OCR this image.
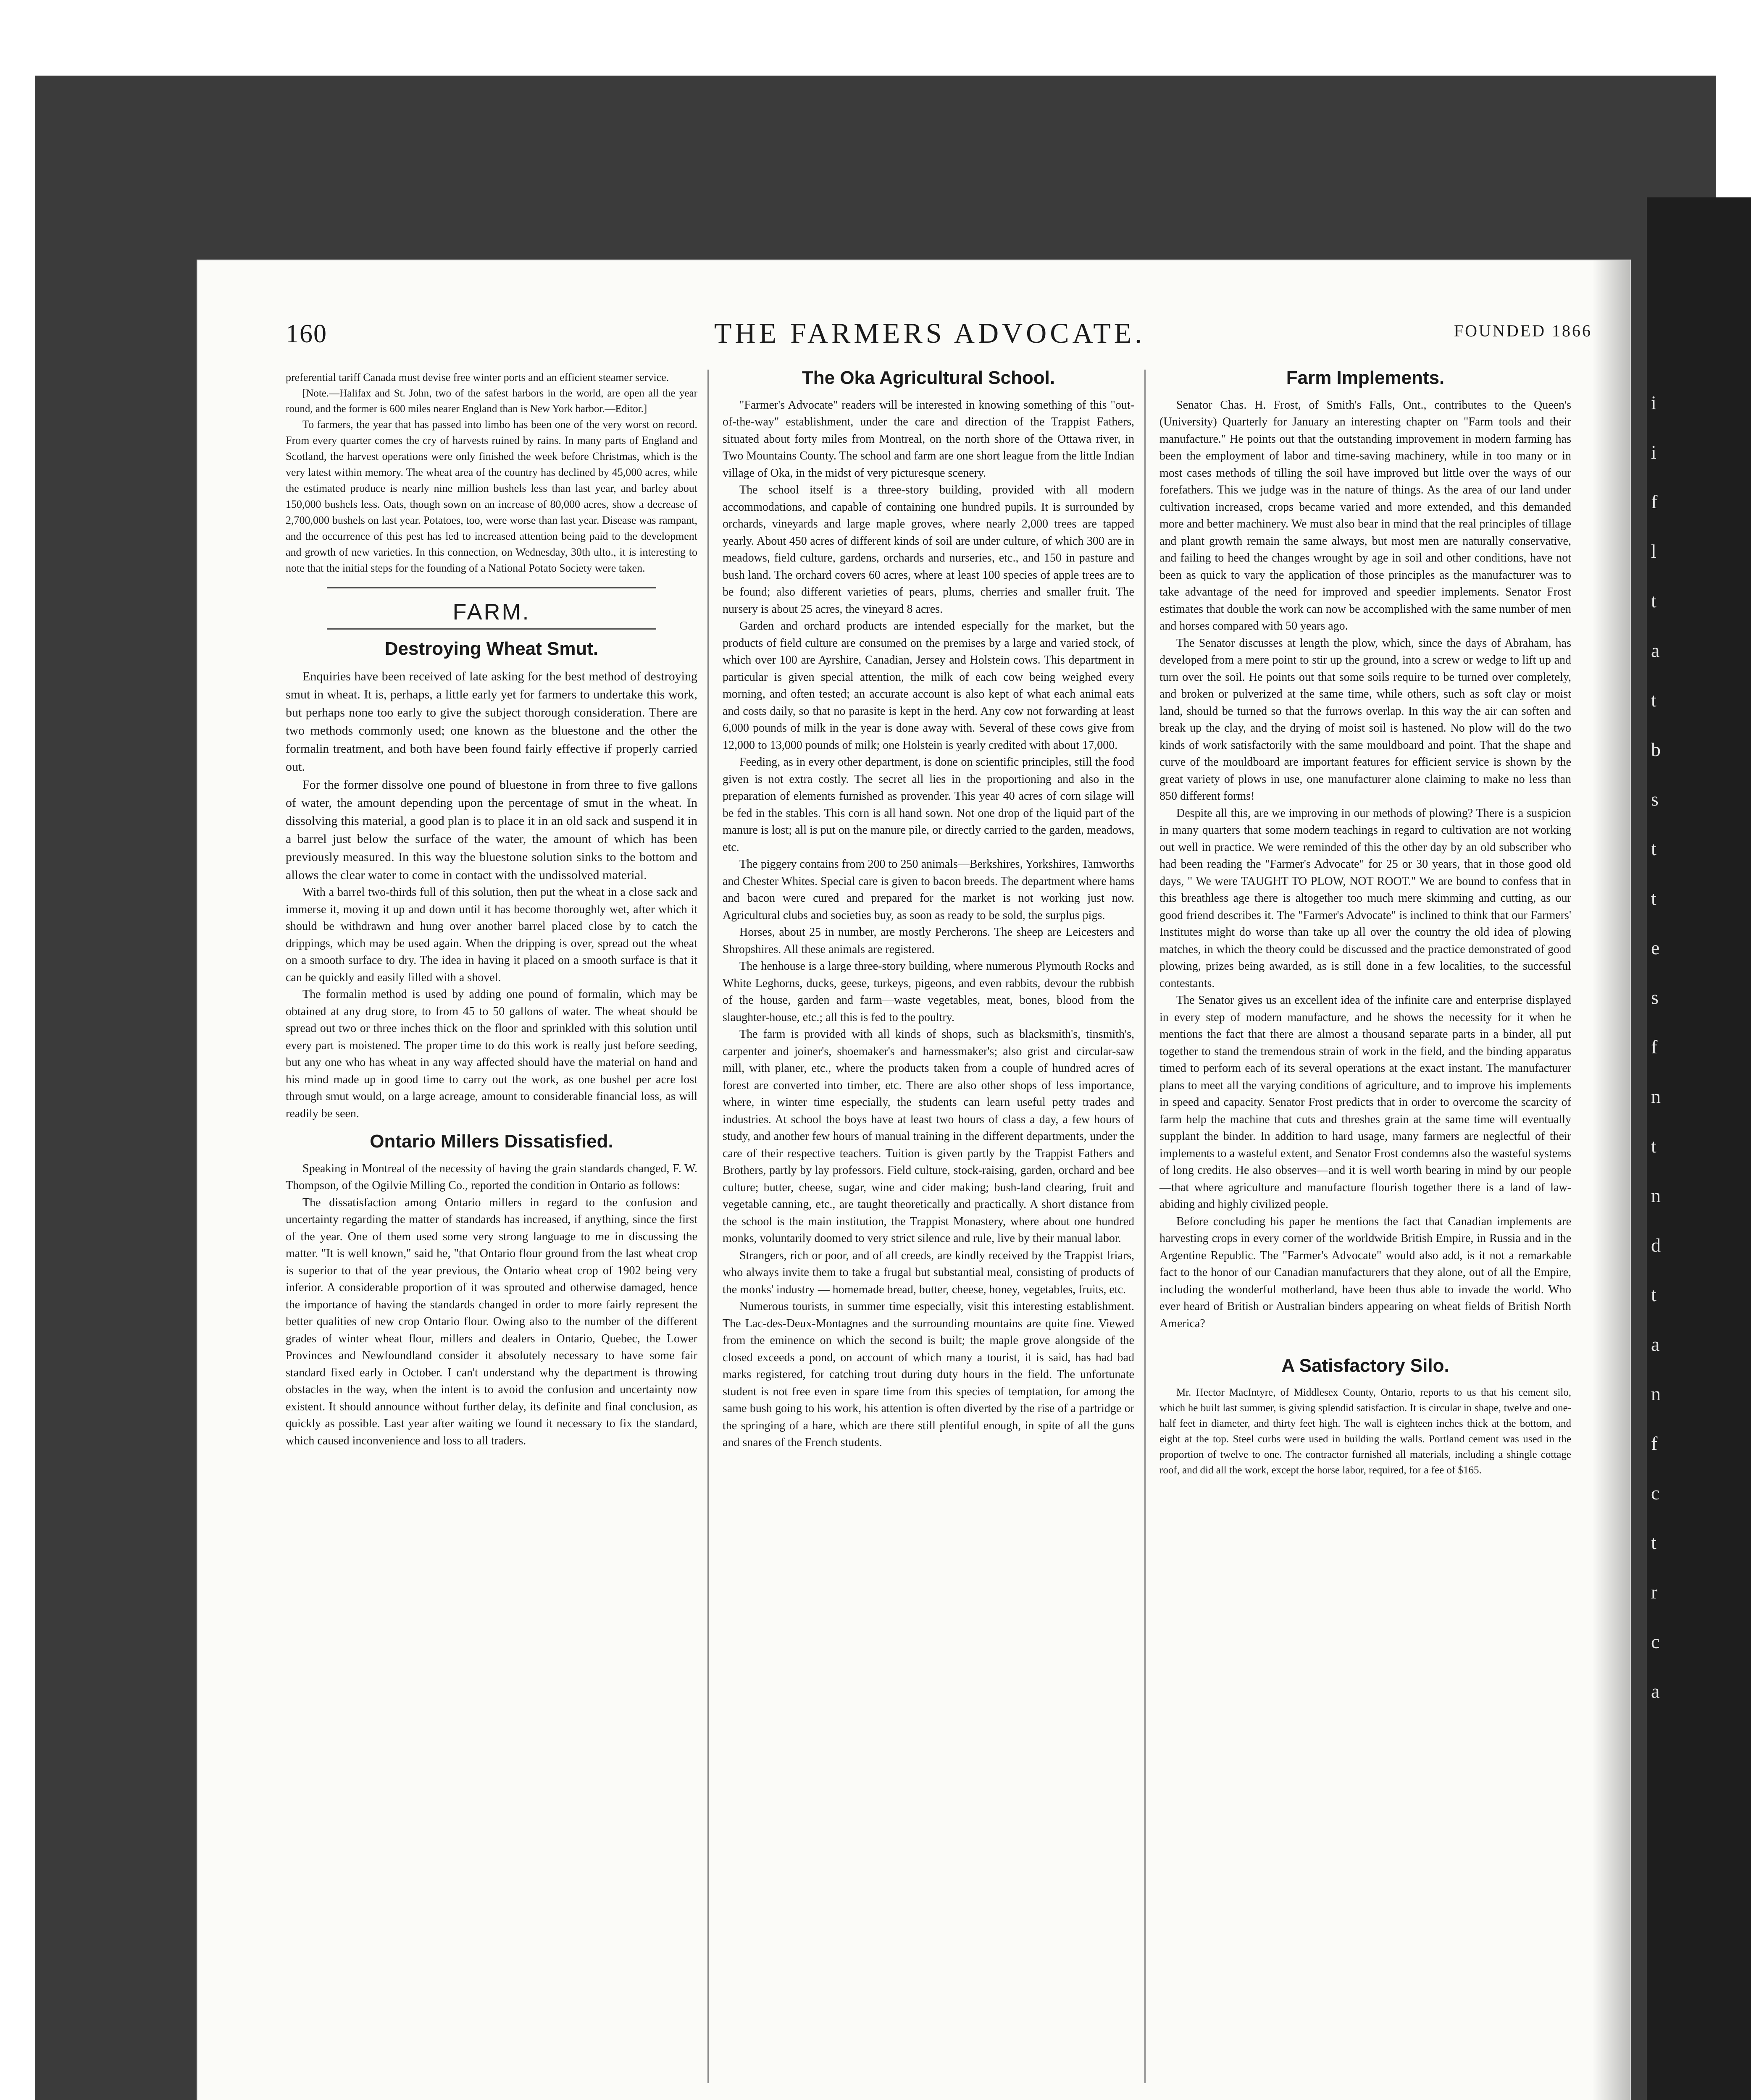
i
i
f
l
t
a
t
b
s
t
t
e
s
f
n
t
n
d
t
a
n
f
c
t
r
c
a
160	THE FARMERS ADVOCATE.	FOUNDED 1866

preferential tariff Canada must devise free winter ports and an efficient steamer service.

[Note.—Halifax and St. John, two of the safest harbors in the world, are open all the year round, and the former is 600 miles nearer England than is New York harbor.—Editor.]

To farmers, the year that has passed into limbo has been one of the very worst on record. From every quarter comes the cry of harvests ruined by rains. In many parts of England and Scotland, the harvest operations were only finished the week before Christmas, which is the very latest within memory. The wheat area of the country has declined by 45,000 acres, while the estimated produce is nearly nine million bushels less than last year, and barley about 150,000 bushels less. Oats, though sown on an increase of 80,000 acres, show a decrease of 2,700,000 bushels on last year. Potatoes, too, were worse than last year. Disease was rampant, and the occurrence of this pest has led to increased attention being paid to the development and growth of new varieties. In this connection, on Wednesday, 30th ulto., it is interesting to note that the initial steps for the founding of a National Potato Society were taken.

FARM.
Destroying Wheat Smut.

Enquiries have been received of late asking for the best method of destroying smut in wheat. It is, perhaps, a little early yet for farmers to undertake this work, but perhaps none too early to give the subject thorough consideration. There are two methods commonly used; one known as the bluestone and the other the formalin treatment, and both have been found fairly effective if properly carried out.

For the former dissolve one pound of bluestone in from three to five gallons of water, the amount depending upon the percentage of smut in the wheat. In dissolving this material, a good plan is to place it in an old sack and suspend it in a barrel just below the surface of the water, the amount of which has been previously measured. In this way the bluestone solution sinks to the bottom and allows the clear water to come in contact with the undissolved material.

With a barrel two-thirds full of this solution, then put the wheat in a close sack and immerse it, moving it up and down until it has become thoroughly wet, after which it should be withdrawn and hung over another barrel placed close by to catch the drippings, which may be used again. When the dripping is over, spread out the wheat on a smooth surface to dry. The idea in having it placed on a smooth surface is that it can be quickly and easily filled with a shovel.

The formalin method is used by adding one pound of formalin, which may be obtained at any drug store, to from 45 to 50 gallons of water. The wheat should be spread out two or three inches thick on the floor and sprinkled with this solution until every part is moistened. The proper time to do this work is really just before seeding, but any one who has wheat in any way affected should have the material on hand and his mind made up in good time to carry out the work, as one bushel per acre lost through smut would, on a large acreage, amount to considerable financial loss, as will readily be seen.

Ontario Millers Dissatisfied.

Speaking in Montreal of the necessity of having the grain standards changed, F. W. Thompson, of the Ogilvie Milling Co., reported the condition in Ontario as follows:

The dissatisfaction among Ontario millers in regard to the confusion and uncertainty regarding the matter of standards has increased, if anything, since the first of the year. One of them used some very strong language to me in discussing the matter. "It is well known," said he, "that Ontario flour ground from the last wheat crop is superior to that of the year previous, the Ontario wheat crop of 1902 being very inferior. A considerable proportion of it was sprouted and otherwise damaged, hence the importance of having the standards changed in order to more fairly represent the better qualities of new crop Ontario flour. Owing also to the number of the different grades of winter wheat flour, millers and dealers in Ontario, Quebec, the Lower Provinces and Newfoundland consider it absolutely necessary to have some fair standard fixed early in October. I can't understand why the department is throwing obstacles in the way, when the intent is to avoid the confusion and uncertainty now existent. It should announce without further delay, its definite and final conclusion, as quickly as possible. Last year after waiting we found it necessary to fix the standard, which caused inconvenience and loss to all traders.

The Oka Agricultural School.

"Farmer's Advocate" readers will be interested in knowing something of this "out-of-the-way" establishment, under the care and direction of the Trappist Fathers, situated about forty miles from Montreal, on the north shore of the Ottawa river, in Two Mountains County. The school and farm are one short league from the little Indian village of Oka, in the midst of very picturesque scenery.

The school itself is a three-story building, provided with all modern accommodations, and capable of containing one hundred pupils. It is surrounded by orchards, vineyards and large maple groves, where nearly 2,000 trees are tapped yearly. About 450 acres of different kinds of soil are under culture, of which 300 are in meadows, field culture, gardens, orchards and nurseries, etc., and 150 in pasture and bush land. The orchard covers 60 acres, where at least 100 species of apple trees are to be found; also different varieties of pears, plums, cherries and smaller fruit. The nursery is about 25 acres, the vineyard 8 acres.

Garden and orchard products are intended especially for the market, but the products of field culture are consumed on the premises by a large and varied stock, of which over 100 are Ayrshire, Canadian, Jersey and Holstein cows. This department in particular is given special attention, the milk of each cow being weighed every morning, and often tested; an accurate account is also kept of what each animal eats and costs daily, so that no parasite is kept in the herd. Any cow not forwarding at least 6,000 pounds of milk in the year is done away with. Several of these cows give from 12,000 to 13,000 pounds of milk; one Holstein is yearly credited with about 17,000.

Feeding, as in every other department, is done on scientific principles, still the food given is not extra costly. The secret all lies in the proportioning and also in the preparation of elements furnished as provender. This year 40 acres of corn silage will be fed in the stables. This corn is all hand sown. Not one drop of the liquid part of the manure is lost; all is put on the manure pile, or directly carried to the garden, meadows, etc.

The piggery contains from 200 to 250 animals—Berkshires, Yorkshires, Tamworths and Chester Whites. Special care is given to bacon breeds. The department where hams and bacon were cured and prepared for the market is not working just now. Agricultural clubs and societies buy, as soon as ready to be sold, the surplus pigs.

Horses, about 25 in number, are mostly Percherons. The sheep are Leicesters and Shropshires. All these animals are registered.

The henhouse is a large three-story building, where numerous Plymouth Rocks and White Leghorns, ducks, geese, turkeys, pigeons, and even rabbits, devour the rubbish of the house, garden and farm—waste vegetables, meat, bones, blood from the slaughter-house, etc.; all this is fed to the poultry.

The farm is provided with all kinds of shops, such as blacksmith's, tinsmith's, carpenter and joiner's, shoemaker's and harnessmaker's; also grist and circular-saw mill, with planer, etc., where the products taken from a couple of hundred acres of forest are converted into timber, etc. There are also other shops of less importance, where, in winter time especially, the students can learn useful petty trades and industries. At school the boys have at least two hours of class a day, a few hours of study, and another few hours of manual training in the different departments, under the care of their respective teachers. Tuition is given partly by the Trappist Fathers and Brothers, partly by lay professors. Field culture, stock-raising, garden, orchard and bee culture; butter, cheese, sugar, wine and cider making; bush-land clearing, fruit and vegetable canning, etc., are taught theoretically and practically. A short distance from the school is the main institution, the Trappist Monastery, where about one hundred monks, voluntarily doomed to very strict silence and rule, live by their manual labor.

Strangers, rich or poor, and of all creeds, are kindly received by the Trappist friars, who always invite them to take a frugal but substantial meal, consisting of products of the monks' industry — homemade bread, butter, cheese, honey, vegetables, fruits, etc.

Numerous tourists, in summer time especially, visit this interesting establishment. The Lac-des-Deux-Montagnes and the surrounding mountains are quite fine. Viewed from the eminence on which the second is built; the maple grove alongside of the closed exceeds a pond, on account of which many a tourist, it is said, has had bad marks registered, for catching trout during duty hours in the field. The unfortunate student is not free even in spare time from this species of temptation, for among the same bush going to his work, his attention is often diverted by the rise of a partridge or the springing of a hare, which are there still plentiful enough, in spite of all the guns and snares of the French students.

Farm Implements.

Senator Chas. H. Frost, of Smith's Falls, Ont., contributes to the Queen's (University) Quarterly for January an interesting chapter on "Farm tools and their manufacture." He points out that the outstanding improvement in modern farming has been the employment of labor and time-saving machinery, while in too many or in most cases methods of tilling the soil have improved but little over the ways of our forefathers. This we judge was in the nature of things. As the area of our land under cultivation increased, crops became varied and more extended, and this demanded more and better machinery. We must also bear in mind that the real principles of tillage and plant growth remain the same always, but most men are naturally conservative, and failing to heed the changes wrought by age in soil and other conditions, have not been as quick to vary the application of those principles as the manufacturer was to take advantage of the need for improved and speedier implements. Senator Frost estimates that double the work can now be accomplished with the same number of men and horses compared with 50 years ago.

The Senator discusses at length the plow, which, since the days of Abraham, has developed from a mere point to stir up the ground, into a screw or wedge to lift up and turn over the soil. He points out that some soils require to be turned over completely, and broken or pulverized at the same time, while others, such as soft clay or moist land, should be turned so that the furrows overlap. In this way the air can soften and break up the clay, and the drying of moist soil is hastened. No plow will do the two kinds of work satisfactorily with the same mouldboard and point. That the shape and curve of the mouldboard are important features for efficient service is shown by the great variety of plows in use, one manufacturer alone claiming to make no less than 850 different forms!

Despite all this, are we improving in our methods of plowing? There is a suspicion in many quarters that some modern teachings in regard to cultivation are not working out well in practice. We were reminded of this the other day by an old subscriber who had been reading the "Farmer's Advocate" for 25 or 30 years, that in those good old days, " We were TAUGHT TO PLOW, NOT ROOT." We are bound to confess that in this breathless age there is altogether too much mere skimming and cutting, as our good friend describes it. The "Farmer's Advocate" is inclined to think that our Farmers' Institutes might do worse than take up all over the country the old idea of plowing matches, in which the theory could be discussed and the practice demonstrated of good plowing, prizes being awarded, as is still done in a few localities, to the successful contestants.

The Senator gives us an excellent idea of the infinite care and enterprise displayed in every step of modern manufacture, and he shows the necessity for it when he mentions the fact that there are almost a thousand separate parts in a binder, all put together to stand the tremendous strain of work in the field, and the binding apparatus timed to perform each of its several operations at the exact instant. The manufacturer plans to meet all the varying conditions of agriculture, and to improve his implements in speed and capacity. Senator Frost predicts that in order to overcome the scarcity of farm help the machine that cuts and threshes grain at the same time will eventually supplant the binder. In addition to hard usage, many farmers are neglectful of their implements to a wasteful extent, and Senator Frost condemns also the wasteful systems of long credits. He also observes—and it is well worth bearing in mind by our people—that where agriculture and manufacture flourish together there is a land of law-abiding and highly civilized people.

Before concluding his paper he mentions the fact that Canadian implements are harvesting crops in every corner of the worldwide British Empire, in Russia and in the Argentine Republic. The "Farmer's Advocate" would also add, is it not a remarkable fact to the honor of our Canadian manufacturers that they alone, out of all the Empire, including the wonderful motherland, have been thus able to invade the world. Who ever heard of British or Australian binders appearing on wheat fields of British North America?

A Satisfactory Silo.

Mr. Hector MacIntyre, of Middlesex County, Ontario, reports to us that his cement silo, which he built last summer, is giving splendid satisfaction. It is circular in shape, twelve and one-half feet in diameter, and thirty feet high. The wall is eighteen inches thick at the bottom, and eight at the top. Steel curbs were used in building the walls. Portland cement was used in the proportion of twelve to one. The contractor furnished all materials, including a shingle cottage roof, and did all the work, except the horse labor, required, for a fee of $165.
